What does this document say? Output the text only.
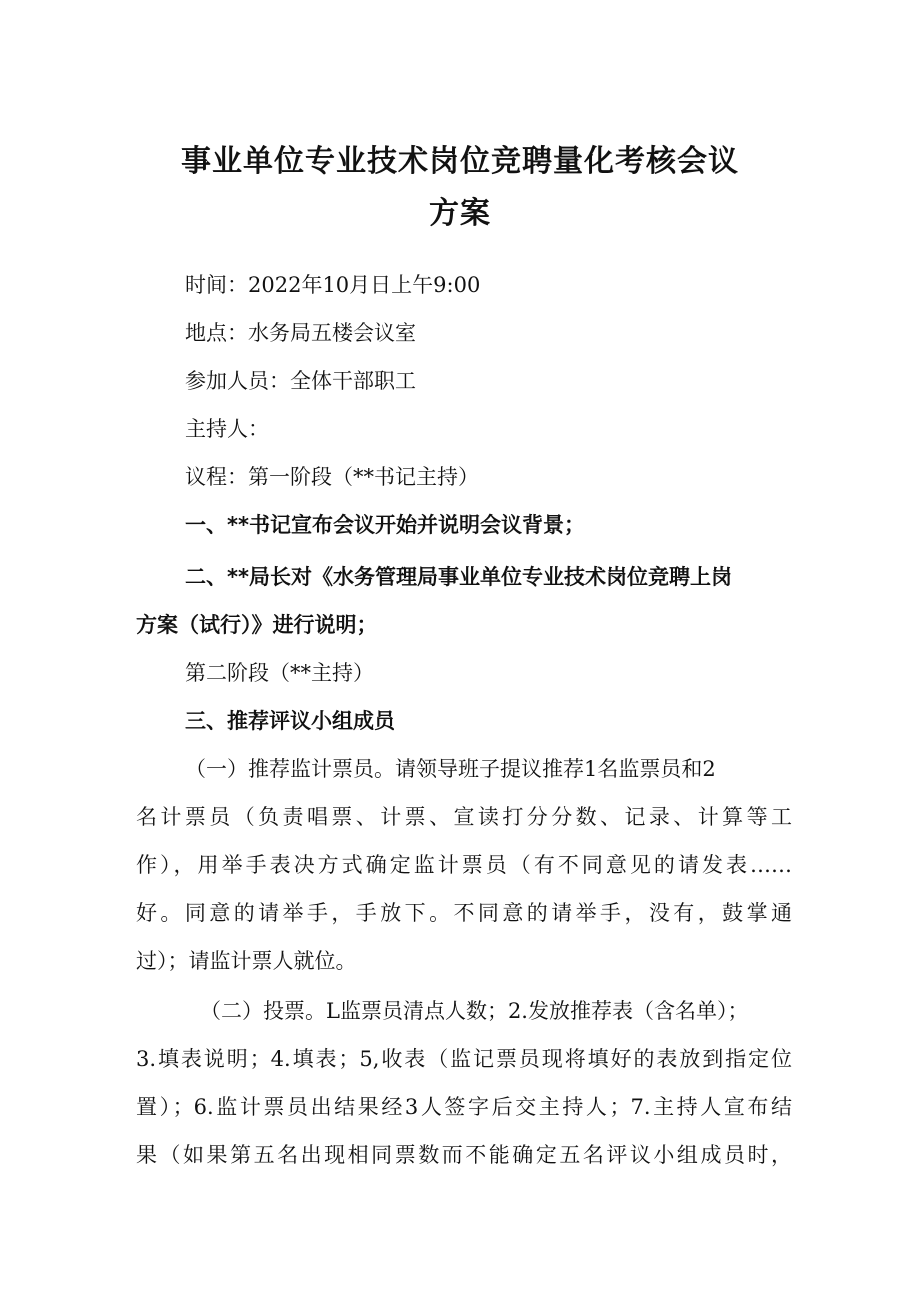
事业单位专业技术岗位竞聘量化考核会议
方案
时间：2022年10月日上午9:00
地点：水务局五楼会议室
参加人员：全体干部职工
主持人：
议程：第一阶段（**书记主持）
一、**书记宣布会议开始并说明会议背景；
二、**局长对《水务管理局事业单位专业技术岗位竞聘上岗
方案（试行）》进行说明；
第二阶段（**主持）
三、推荐评议小组成员
（一）推荐监计票员。请领导班子提议推荐1名监票员和2
名计票员（负责唱票、计票、宣读打分分数、记录、计算等工
作），用举手表决方式确定监计票员（有不同意见的请发表……
好。同意的请举手，手放下。不同意的请举手，没有，鼓掌通
过）；请监计票人就位。
（二）投票。L监票员清点人数；2.发放推荐表（含名单）；
3.填表说明；4.填表；5,收表（监记票员现将填好的表放到指定位
置）；6.监计票员出结果经3人签字后交主持人；7.主持人宣布结
果（如果第五名出现相同票数而不能确定五名评议小组成员时，
